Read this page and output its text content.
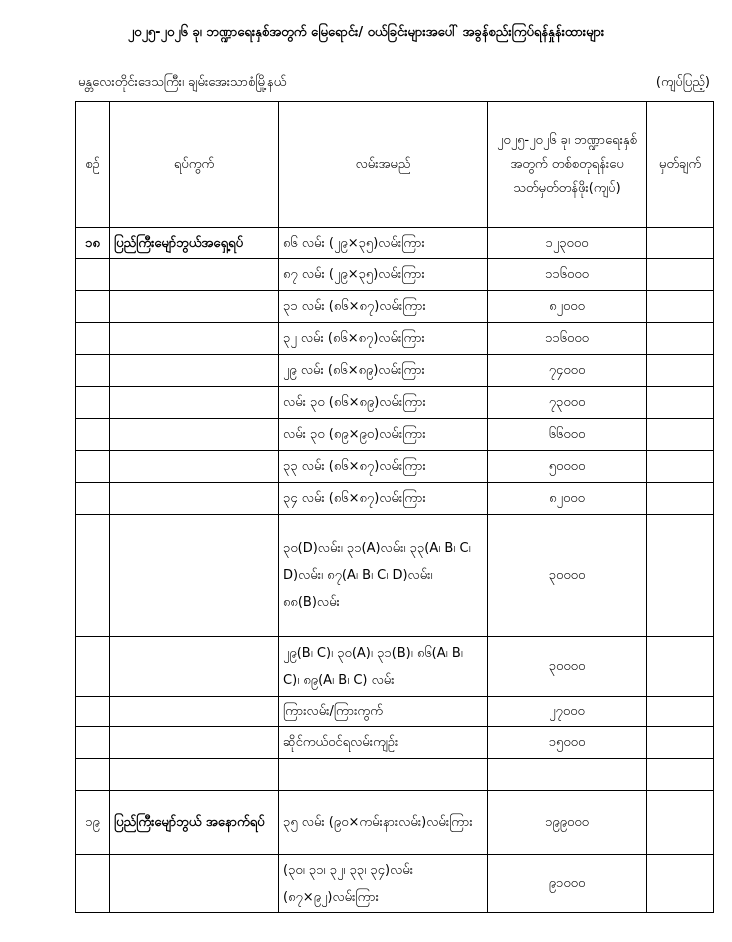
၂၀၂၅-၂၀၂၆ ခု၊ ဘဏ္ဍာရေးနှစ်အတွက် မြေရောင်း/ ဝယ်ခြင်းများအပေါ် အခွန်စည်းကြပ်ရန်နှုန်းထားများ
မန္တလေးတိုင်းဒေသကြီး၊ ချမ်းအေးသာစံမြို့နယ်	(ကျပ်ပြည့်)
စဉ်	ရပ်ကွက်	လမ်းအမည်	၂၀၂၅-၂၀၂၆ ခု၊ ဘဏ္ဍာရေးနှစ်အတွက် တစ်စတုရန်းပေ သတ်မှတ်တန်ဖိုး(ကျပ်)	မှတ်ချက်
၁၈	ပြည်ကြီးမျော်ဘွယ်အရှေ့ရပ်	၈၆ လမ်း (၂၉×၃၅)လမ်းကြား	၁၂၃၀၀၀	
		၈၇ လမ်း (၂၉×၃၅)လမ်းကြား	၁၁၆၀၀၀	
		၃၁ လမ်း (၈၆×၈၇)လမ်းကြား	၈၂၀၀၀	
		၃၂ လမ်း (၈၆×၈၇)လမ်းကြား	၁၁၆၀၀၀	
		၂၉ လမ်း (၈၆×၈၉)လမ်းကြား	၇၄၀၀၀	
		လမ်း ၃၀ (၈၆×၈၉)လမ်းကြား	၇၃၀၀၀	
		လမ်း ၃၀ (၈၉×၉၀)လမ်းကြား	၆၆၀၀၀	
		၃၃ လမ်း (၈၆×၈၇)လမ်းကြား	၅၀၀၀၀	
		၃၄ လမ်း (၈၆×၈၇)လမ်းကြား	၈၂၀၀၀	
		၃၀(D)လမ်း၊ ၃၁(A)လမ်း၊ ၃၃(A၊ B၊ C၊ D)လမ်း၊ ၈၇(A၊ B၊ C၊ D)လမ်း၊ ၈၈(B)လမ်း	၃၀၀၀၀	
		၂၉(B၊ C)၊ ၃၀(A)၊ ၃၁(B)၊ ၈၆(A၊ B၊ C)၊ ၈၉(A၊ B၊ C) လမ်း	၃၀၀၀၀	
		ကြားလမ်း/ကြားကွက်	၂၇၀၀၀	
		ဆိုင်ကယ်ဝင်ရလမ်းကျဉ်း	၁၅၀၀၀	

၁၉	ပြည်ကြီးမျော်ဘွယ် အနောက်ရပ်	၃၅ လမ်း (၉၀×ကမ်းနားလမ်း)လမ်းကြား	၁၉၉၀၀၀	
		(၃၀၊ ၃၁၊ ၃၂၊ ၃၃၊ ၃၄)လမ်း (၈၇×၉၂)လမ်းကြား	၉၁၀၀၀	
